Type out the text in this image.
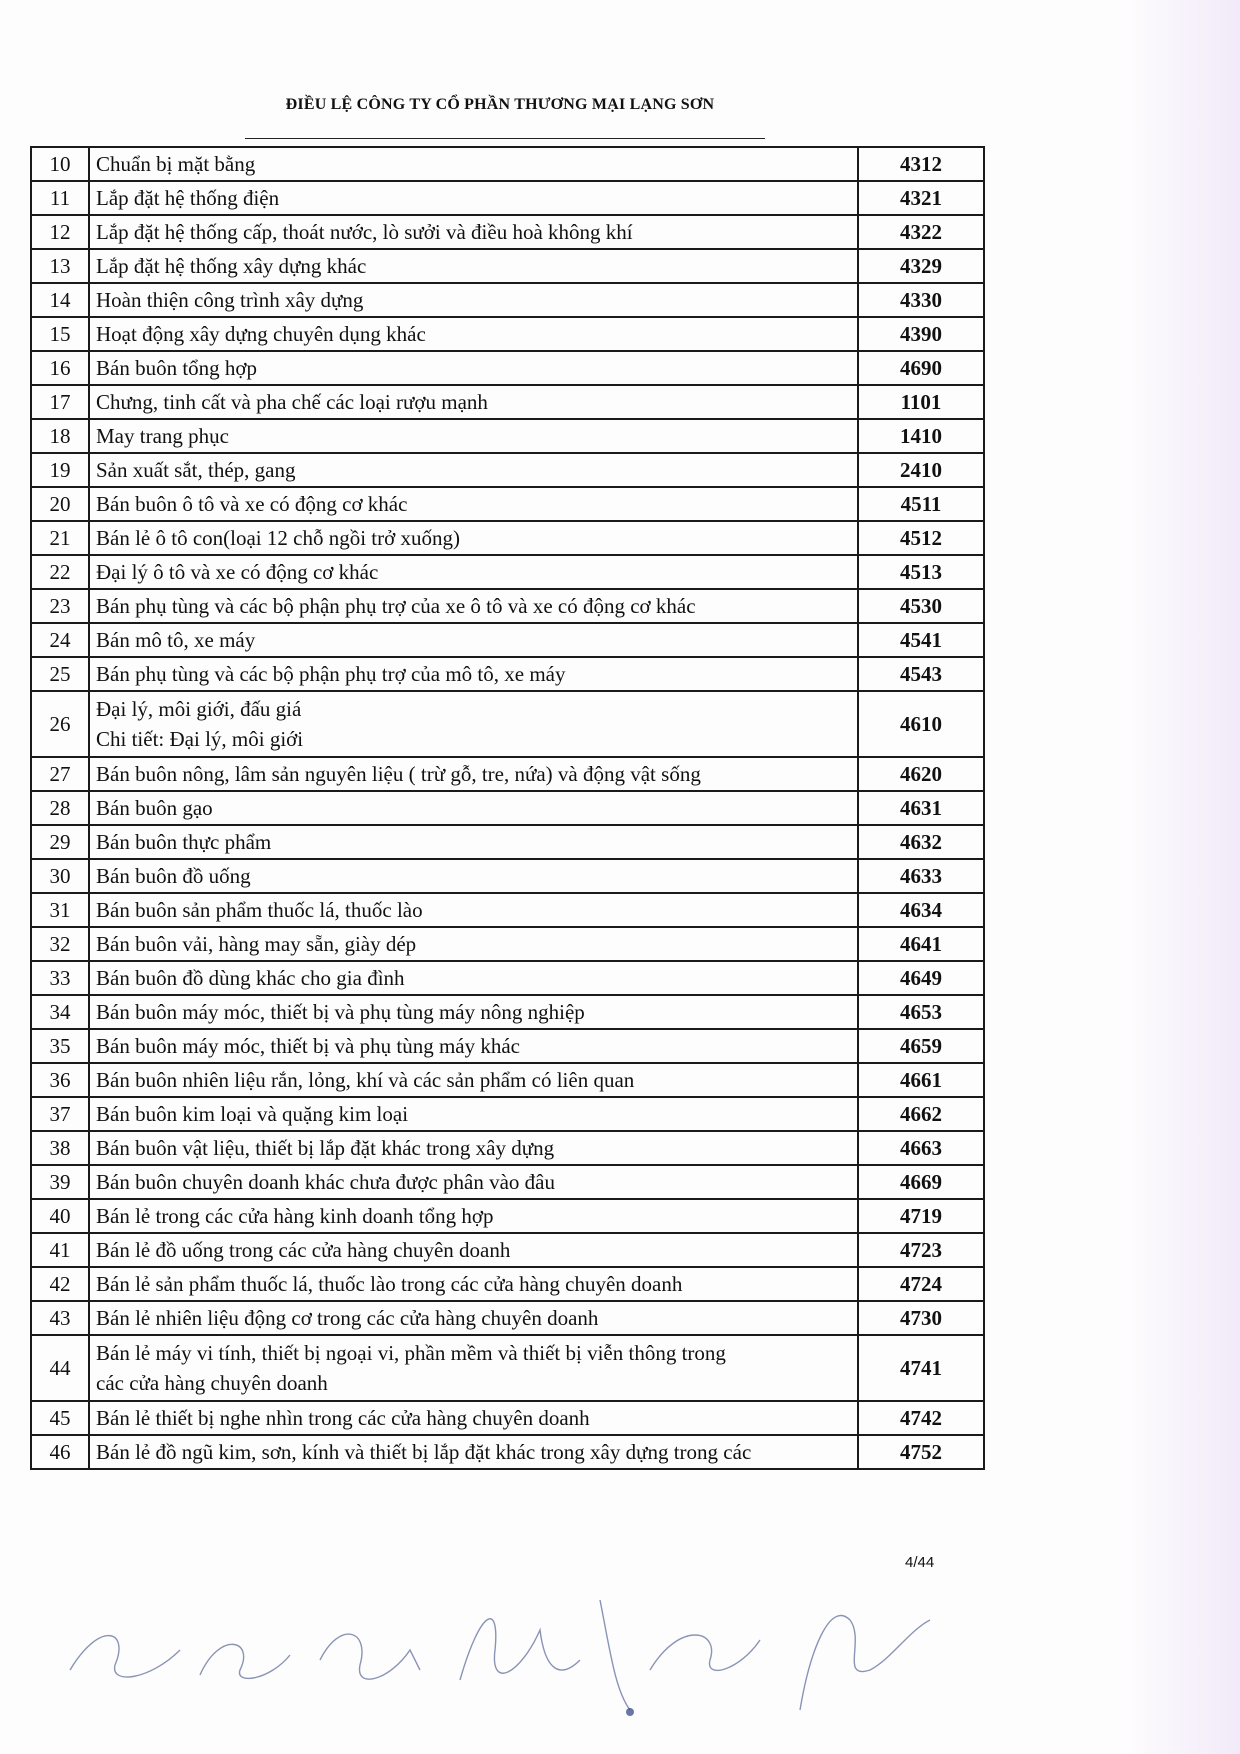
ĐIỀU LỆ CÔNG TY CỔ PHẦN THƯƠNG MẠI LẠNG SƠN
10	Chuẩn bị mặt bằng	4312
11	Lắp đặt hệ thống điện	4321
12	Lắp đặt hệ thống cấp, thoát nước, lò sưởi và điều hoà không khí	4322
13	Lắp đặt hệ thống xây dựng khác	4329
14	Hoàn thiện công trình xây dựng	4330
15	Hoạt động xây dựng chuyên dụng khác	4390
16	Bán buôn tổng hợp	4690
17	Chưng, tinh cất và pha chế các loại rượu mạnh	1101
18	May trang phục	1410
19	Sản xuất sắt, thép, gang	2410
20	Bán buôn ô tô và xe có động cơ khác	4511
21	Bán lẻ ô tô con(loại 12 chỗ ngồi trở xuống)	4512
22	Đại lý ô tô và xe có động cơ khác	4513
23	Bán phụ tùng và các bộ phận phụ trợ của xe ô tô và xe có động cơ khác	4530
24	Bán mô tô, xe máy	4541
25	Bán phụ tùng và các bộ phận phụ trợ của mô tô, xe máy	4543
26	Đại lý, môi giới, đấu giá
Chi tiết: Đại lý, môi giới	4610
27	Bán buôn nông, lâm sản nguyên liệu ( trừ gỗ, tre, nứa) và động vật sống	4620
28	Bán buôn gạo	4631
29	Bán buôn thực phẩm	4632
30	Bán buôn đồ uống	4633
31	Bán buôn sản phẩm thuốc lá, thuốc lào	4634
32	Bán buôn vải, hàng may sẵn, giày dép	4641
33	Bán buôn đồ dùng khác cho gia đình	4649
34	Bán buôn máy móc, thiết bị và phụ tùng máy nông nghiệp	4653
35	Bán buôn máy móc, thiết bị và phụ tùng máy khác	4659
36	Bán buôn nhiên liệu rắn, lỏng, khí và các sản phẩm có liên quan	4661
37	Bán buôn kim loại và quặng kim loại	4662
38	Bán buôn vật liệu, thiết bị lắp đặt khác trong xây dựng	4663
39	Bán buôn chuyên doanh khác chưa được phân vào đâu	4669
40	Bán lẻ trong các cửa hàng kinh doanh tổng hợp	4719
41	Bán lẻ đồ uống trong các cửa hàng chuyên doanh	4723
42	Bán lẻ sản phẩm thuốc lá, thuốc lào trong các cửa hàng chuyên doanh	4724
43	Bán lẻ nhiên liệu động cơ trong các cửa hàng chuyên doanh	4730
44	Bán lẻ máy vi tính, thiết bị ngoại vi, phần mềm và thiết bị viễn thông trong
các cửa hàng chuyên doanh	4741
45	Bán lẻ thiết bị nghe nhìn trong các cửa hàng chuyên doanh	4742
46	Bán lẻ đồ ngũ kim, sơn, kính và thiết bị lắp đặt khác trong xây dựng trong các	4752
4/44
